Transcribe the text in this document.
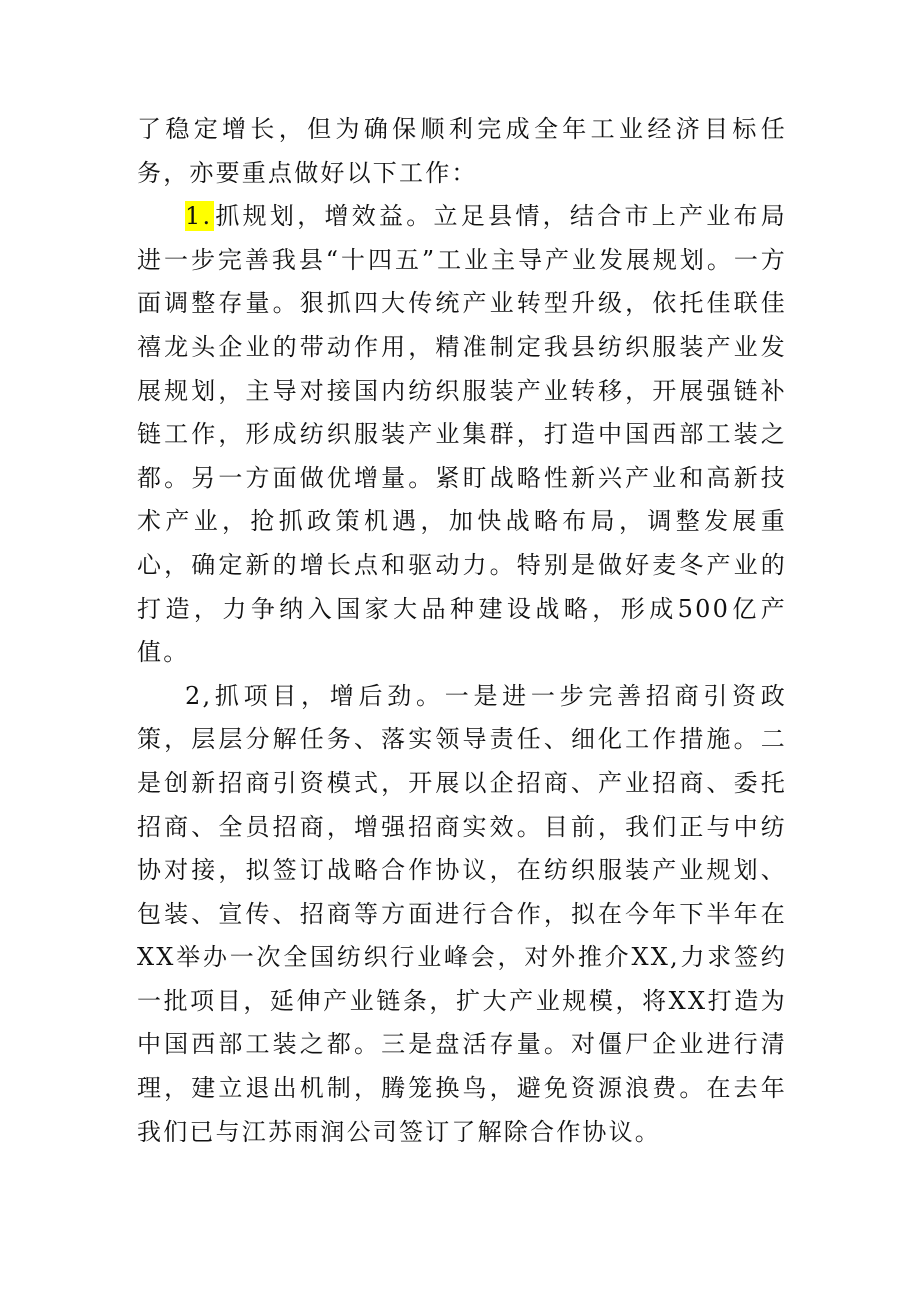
了稳定增长，但为确保顺利完成全年工业经济目标任务，亦要重点做好以下工作：

1.抓规划，增效益。立足县情，结合市上产业布局进一步完善我县“十四五”工业主导产业发展规划。一方面调整存量。狠抓四大传统产业转型升级，依托佳联佳禧龙头企业的带动作用，精准制定我县纺织服装产业发展规划，主导对接国内纺织服装产业转移，开展强链补链工作，形成纺织服装产业集群，打造中国西部工装之都。另一方面做优增量。紧盯战略性新兴产业和高新技术产业，抢抓政策机遇，加快战略布局，调整发展重心，确定新的增长点和驱动力。特别是做好麦冬产业的打造，力争纳入国家大品种建设战略，形成500亿产值。

2,抓项目，增后劲。一是进一步完善招商引资政策，层层分解任务、落实领导责任、细化工作措施。二是创新招商引资模式，开展以企招商、产业招商、委托招商、全员招商，增强招商实效。目前，我们正与中纺协对接，拟签订战略合作协议，在纺织服装产业规划、包装、宣传、招商等方面进行合作，拟在今年下半年在XX举办一次全国纺织行业峰会，对外推介XX,力求签约一批项目，延伸产业链条，扩大产业规模，将XX打造为中国西部工装之都。三是盘活存量。对僵尸企业进行清理，建立退出机制，腾笼换鸟，避免资源浪费。在去年我们已与江苏雨润公司签订了解除合作协议。
